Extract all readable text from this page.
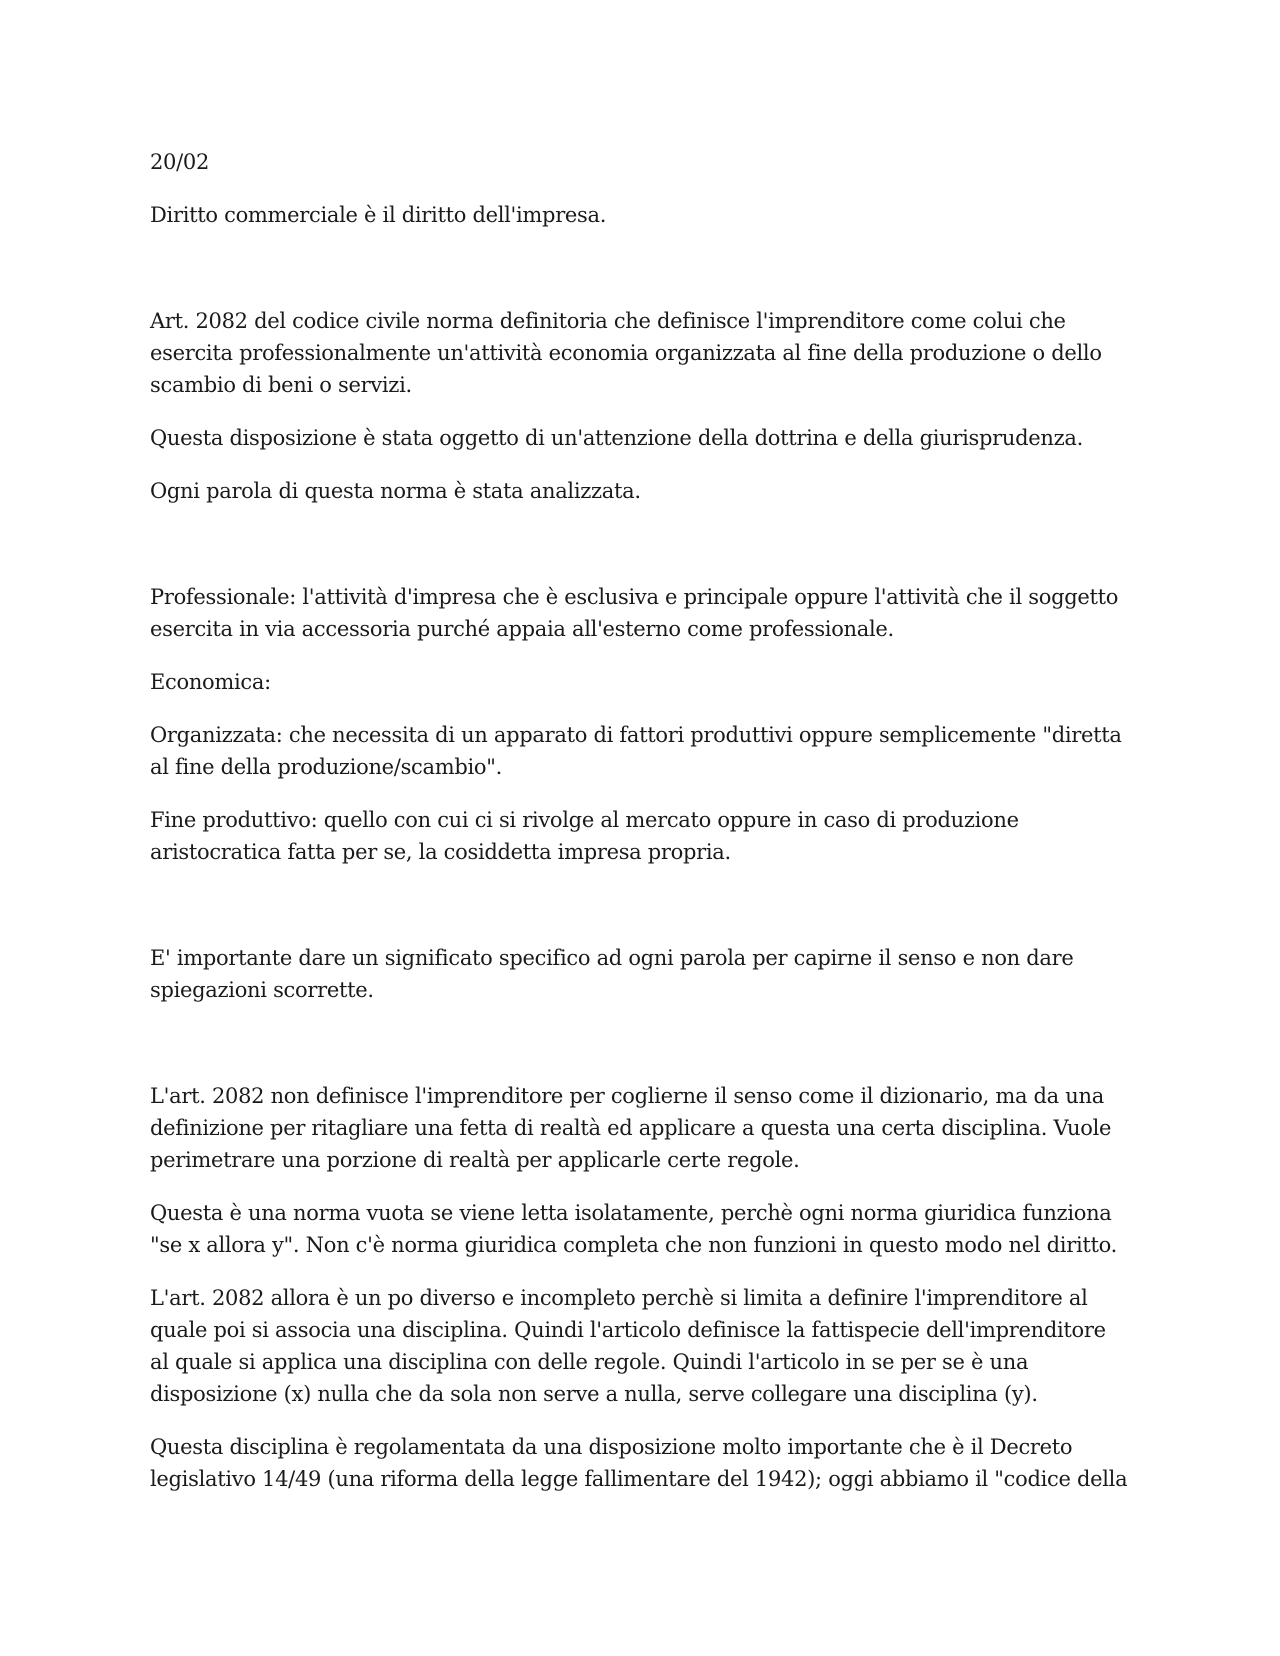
20/02

Diritto commerciale è il diritto dell'impresa.

Art. 2082 del codice civile norma definitoria che definisce l'imprenditore come colui che esercita professionalmente un'attività economia organizzata al fine della produzione o dello scambio di beni o servizi.

Questa disposizione è stata oggetto di un'attenzione della dottrina e della giurisprudenza.

Ogni parola di questa norma è stata analizzata.

Professionale: l'attività d'impresa che è esclusiva e principale oppure l'attività che il soggetto esercita in via accessoria purché appaia all'esterno come professionale.

Economica:

Organizzata: che necessita di un apparato di fattori produttivi oppure semplicemente "diretta al fine della produzione/scambio".

Fine produttivo: quello con cui ci si rivolge al mercato oppure in caso di produzione aristocratica fatta per se, la cosiddetta impresa propria.

E' importante dare un significato specifico ad ogni parola per capirne il senso e non dare spiegazioni scorrette.

L'art. 2082 non definisce l'imprenditore per coglierne il senso come il dizionario, ma da una definizione per ritagliare una fetta di realtà ed applicare a questa una certa disciplina. Vuole perimetrare una porzione di realtà per applicarle certe regole.

Questa è una norma vuota se viene letta isolatamente, perchè ogni norma giuridica funziona "se x allora y". Non c'è norma giuridica completa che non funzioni in questo modo nel diritto.

L'art. 2082 allora è un po diverso e incompleto perchè si limita a definire l'imprenditore al quale poi si associa una disciplina. Quindi l'articolo definisce la fattispecie dell'imprenditore al quale si applica una disciplina con delle regole. Quindi l'articolo in se per se è una disposizione (x) nulla che da sola non serve a nulla, serve collegare una disciplina (y).

Questa disciplina è regolamentata da una disposizione molto importante che è il Decreto legislativo 14/49 (una riforma della legge fallimentare del 1942); oggi abbiamo il "codice della
